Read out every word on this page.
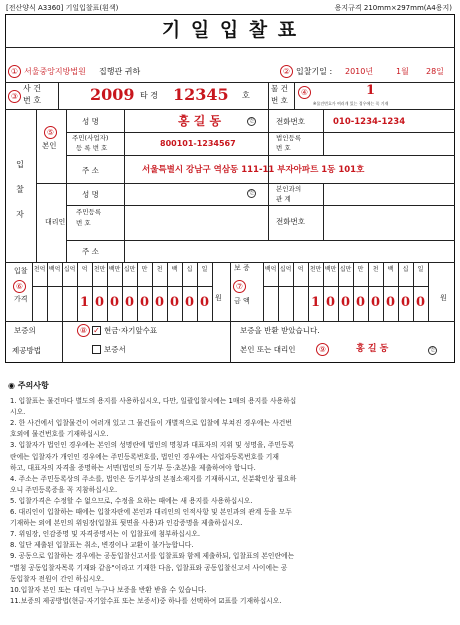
[전산양식 A3360] 기일입찰표(흰색)	용지규격 210mm×297mm(A4용지)
기 일 입 찰 표
① 서울중앙지방법원 집행관 귀하	② 입찰기일 : 2010년	1월 28일
③
사 건
번 호	2009 타 경 12345 호
물 건
번 호
④	1
※물건번호가 여러개 있는 경우에는 꼭 기재
입 찰 자
⑤
본인
성 명	홍 길 동	인	전화번호	010-1234-1234
주민(사업자)
등 록 번 호	800101-1234567
법인등록
번 호
주 소	서울특별시 강남구 역삼동 111-11 부자아파트 1동 101호
대리인
성 명	인	본인과의
관 계
주민등록
번 호	전화번호
주 소
입찰
⑥
가격
보 증
⑦
금 액
원	원
천억 백억 십억	억	천만 백만 십만	만	천	백	십	일
1 0 0 0 0 0 0 0 0
백억 십억	억	천만 백만 십만	만	천	백	십	일
1 0 0 0 0 0 0 0
보증의
제공방법
⑧ ✓ 현금·자기앞수표
보증서
보증을 반환 받았습니다.
본인 또는 대리인	⑨	홍 길 동	인
◉ 주의사항
1. 입찰표는 물건마다 별도의 용지를 사용하십시오, 다만, 일괄입찰시에는 1매의 용지를 사용하십
시오.
2. 한 사건에서 입찰물건이 여러개 있고 그 물건들이 개별적으로 입찰에 부쳐진 경우에는 사건번
호외에 물건번호를 기재하십시오.
3. 입찰자가 법인인 경우에는 본인의 성명란에 법인의 명칭과 대표자의 지위 및 성명을, 주민등록
란에는 입찰자가 개인인 경우에는 주민등록번호를, 법인인 경우에는 사업자등록번호를 기재
하고, 대표자의 자격을 증명하는 서면(법인의 등기부 등·초본)을 제출하여야 합니다.
4. 주소는 주민등록상의 주소를, 법인은 등기부상의 본점소재지를 기재하시고, 신분확인상 필요하
오니 주민등록증을 꼭 지참하십시오.
5. 입찰가격은 수정할 수 없으므로, 수정을 요하는 때에는 새 용지를 사용하십시오.
6. 대리인이 입찰하는 때에는 입찰자란에 본인과 대리인의 인적사항 및 본인과의 관계 등을 모두
기재하는 외에 본인의 위임장(입찰표 뒷면을 사용)과 인감증명을 제출하십시오.
7. 위임장, 인감증명 및 자격증명서는 이 입찰표에 첨부하십시오.
8. 일단 제출된 입찰표는 취소, 변경이나 교환이 불가능합니다.
9. 공동으로 입찰하는 경우에는 공동입찰신고서를 입찰표와 함께 제출하되, 입찰표의 본인란에는
"별첨 공동입찰자목록 기재와 같음"이라고 기재한 다음, 입찰표와 공동입찰신고서 사이에는 공
동입찰자 전원이 간인 하십시오.
10.입찰자 본인 또는 대리인 누구나 보증을 반환 받을 수 있습니다.
11.보증의 제공방법(현금·자기앞수표 또는 보증서)중 하나를 선택하여 ☑표를 기재하십시오.
